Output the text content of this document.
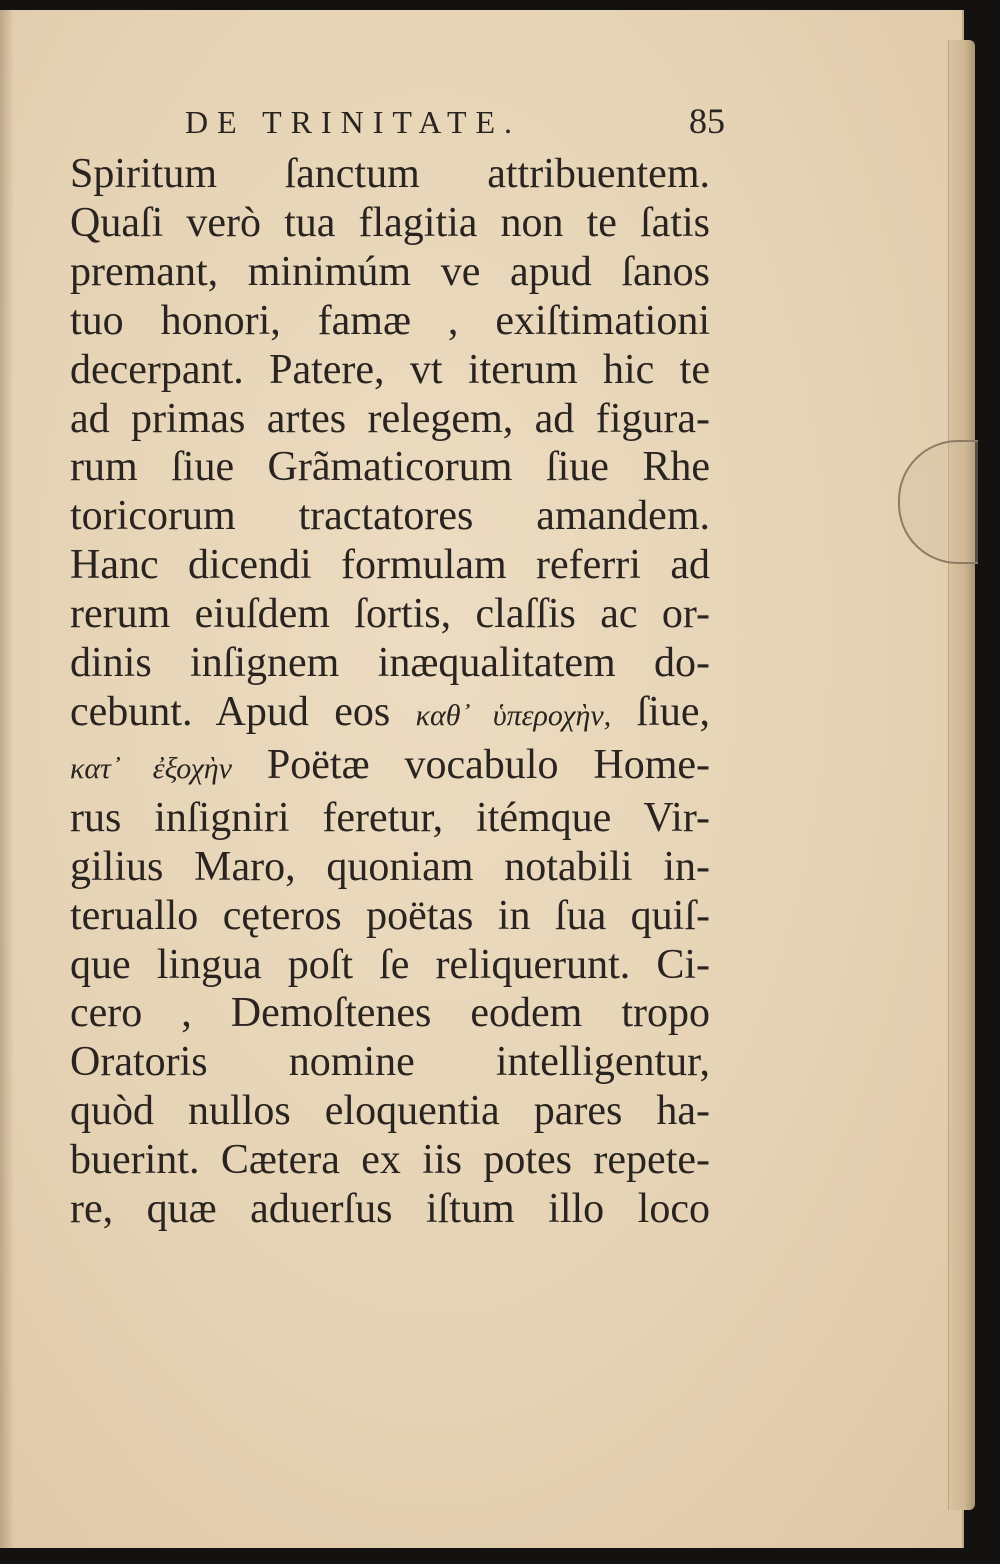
DE TRINITATE.	85
Spiritum ſanctum attribuentem.
Quaſi verò tua flagitia non te ſatis
premant, minimúm ve apud ſanos
tuo honori, famæ , exiſtimationi
decerpant. Patere, vt iterum hic te
ad primas artes relegem, ad figura-
rum ſiue Grãmaticorum ſiue Rhe
toricorum tractatores amandem.
Hanc dicendi formulam referri ad
rerum eiuſdem ſortis, claſſis ac or-
dinis inſignem inæqualitatem do-
cebunt. Apud eos καθ᾽ ὑπεροχὴν, ſiue,
κατ᾽ ἐξοχὴν Poëtæ vocabulo Home-
rus inſigniri feretur, itémque Vir-
gilius Maro, quoniam notabili in-
teruallo cęteros poëtas in ſua quiſ-
que lingua poſt ſe reliquerunt. Ci-
cero , Demoſtenes eodem tropo
Oratoris nomine intelligentur,
quòd nullos eloquentia pares ha-
buerint. Cætera ex iis potes repete-
re, quæ aduerſus iſtum illo loco
